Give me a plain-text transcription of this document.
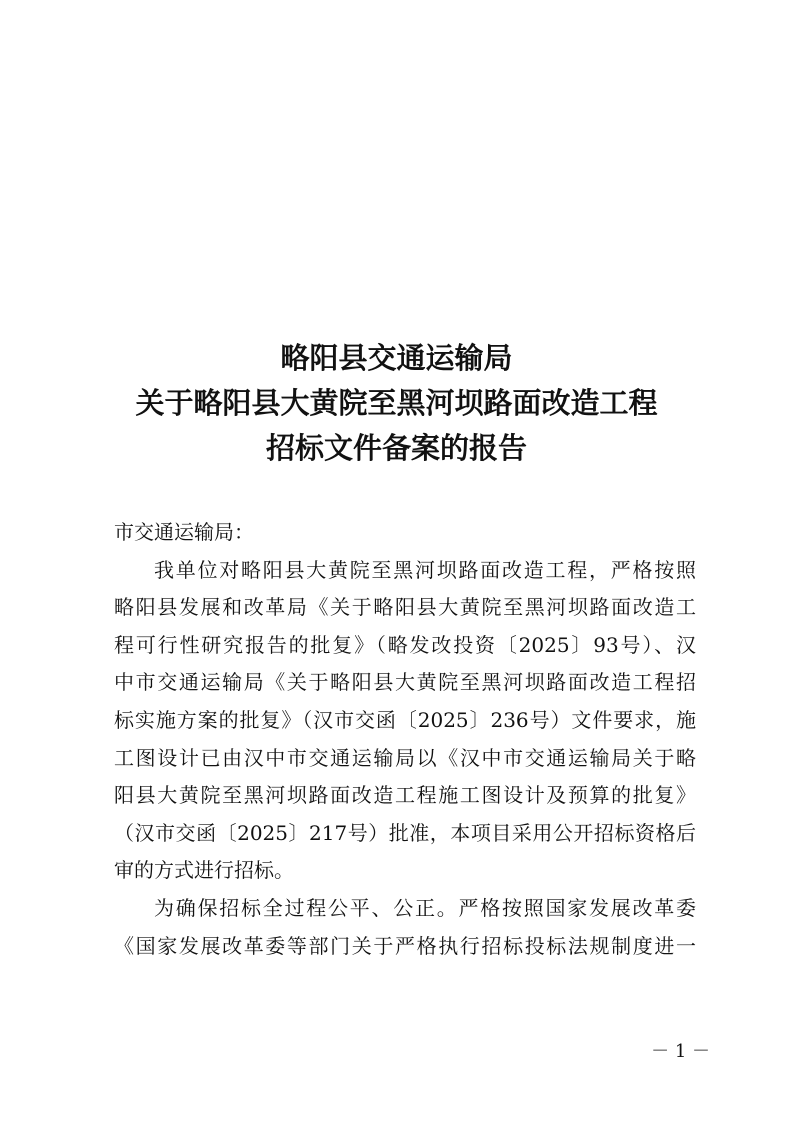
略阳县交通运输局
关于略阳县大黄院至黑河坝路面改造工程
招标文件备案的报告
市交通运输局：
我单位对略阳县大黄院至黑河坝路面改造工程，严格按照
略阳县发展和改革局《关于略阳县大黄院至黑河坝路面改造工
程可行性研究报告的批复》（略发改投资〔2025〕93号）、汉
中市交通运输局《关于略阳县大黄院至黑河坝路面改造工程招
标实施方案的批复》（汉市交函〔2025〕236号）文件要求，施
工图设计已由汉中市交通运输局以《汉中市交通运输局关于略
阳县大黄院至黑河坝路面改造工程施工图设计及预算的批复》
（汉市交函〔2025〕217号）批准，本项目采用公开招标资格后
审的方式进行招标。
为确保招标全过程公平、公正。严格按照国家发展改革委
《国家发展改革委等部门关于严格执行招标投标法规制度进一
－ 1 －
